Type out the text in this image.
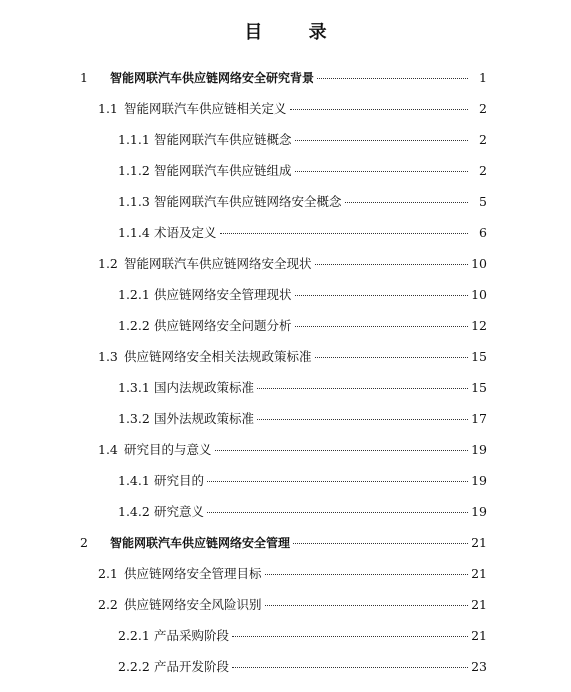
目 录
1	智能网联汽车供应链网络安全研究背景	1
1.1 智能网联汽车供应链相关定义	2
1.1.1 智能网联汽车供应链概念	2
1.1.2 智能网联汽车供应链组成	2
1.1.3 智能网联汽车供应链网络安全概念	5
1.1.4 术语及定义	6
1.2 智能网联汽车供应链网络安全现状	10
1.2.1 供应链网络安全管理现状	10
1.2.2 供应链网络安全问题分析	12
1.3 供应链网络安全相关法规政策标准	15
1.3.1 国内法规政策标准	15
1.3.2 国外法规政策标准	17
1.4 研究目的与意义	19
1.4.1 研究目的	19
1.4.2 研究意义	19
2	智能网联汽车供应链网络安全管理	21
2.1 供应链网络安全管理目标	21
2.2 供应链网络安全风险识别	21
2.2.1 产品采购阶段	21
2.2.2 产品开发阶段	23
